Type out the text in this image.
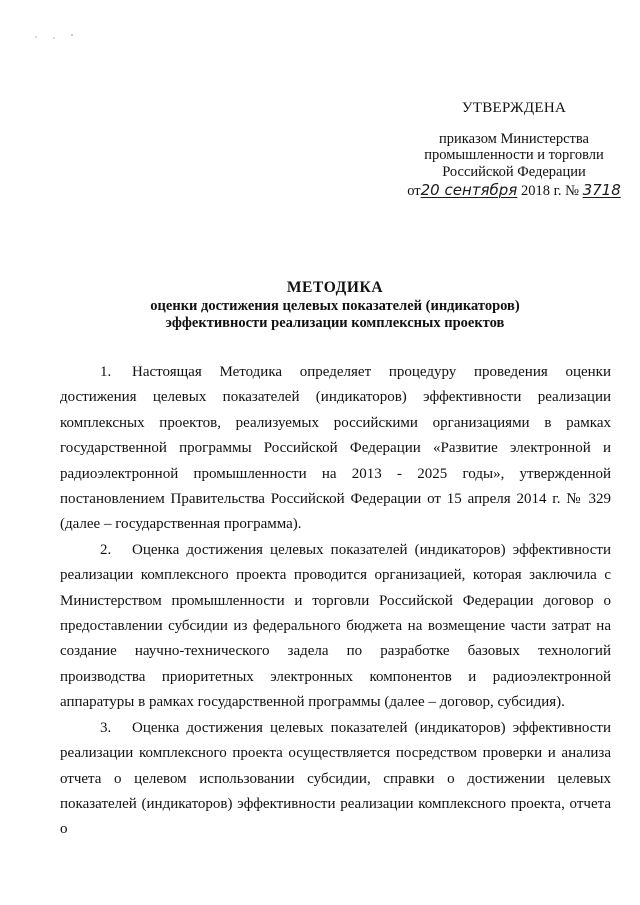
УТВЕРЖДЕНА
приказом Министерства
промышленности и торговли
Российской Федерации
от20 сентября 2018 г. № 3718
МЕТОДИКА
оценки достижения целевых показателей (индикаторов)
эффективности реализации комплексных проектов

1. Настоящая Методика определяет процедуру проведения оценки достижения целевых показателей (индикаторов) эффективности реализации комплексных проектов, реализуемых российскими организациями в рамках государственной программы Российской Федерации «Развитие электронной и радиоэлектронной промышленности на 2013 - 2025 годы», утвержденной постановлением Правительства Российской Федерации от 15 апреля 2014 г. № 329 (далее – государственная программа).

2. Оценка достижения целевых показателей (индикаторов) эффективности реализации комплексного проекта проводится организацией, которая заключила с Министерством промышленности и торговли Российской Федерации договор о предоставлении субсидии из федерального бюджета на возмещение части затрат на создание научно-технического задела по разработке базовых технологий производства приоритетных электронных компонентов и радиоэлектронной аппаратуры в рамках государственной программы (далее – договор, субсидия).

3. Оценка достижения целевых показателей (индикаторов) эффективности реализации комплексного проекта осуществляется посредством проверки и анализа отчета о целевом использовании субсидии, справки о достижении целевых показателей (индикаторов) эффективности реализации комплексного проекта, отчета о
